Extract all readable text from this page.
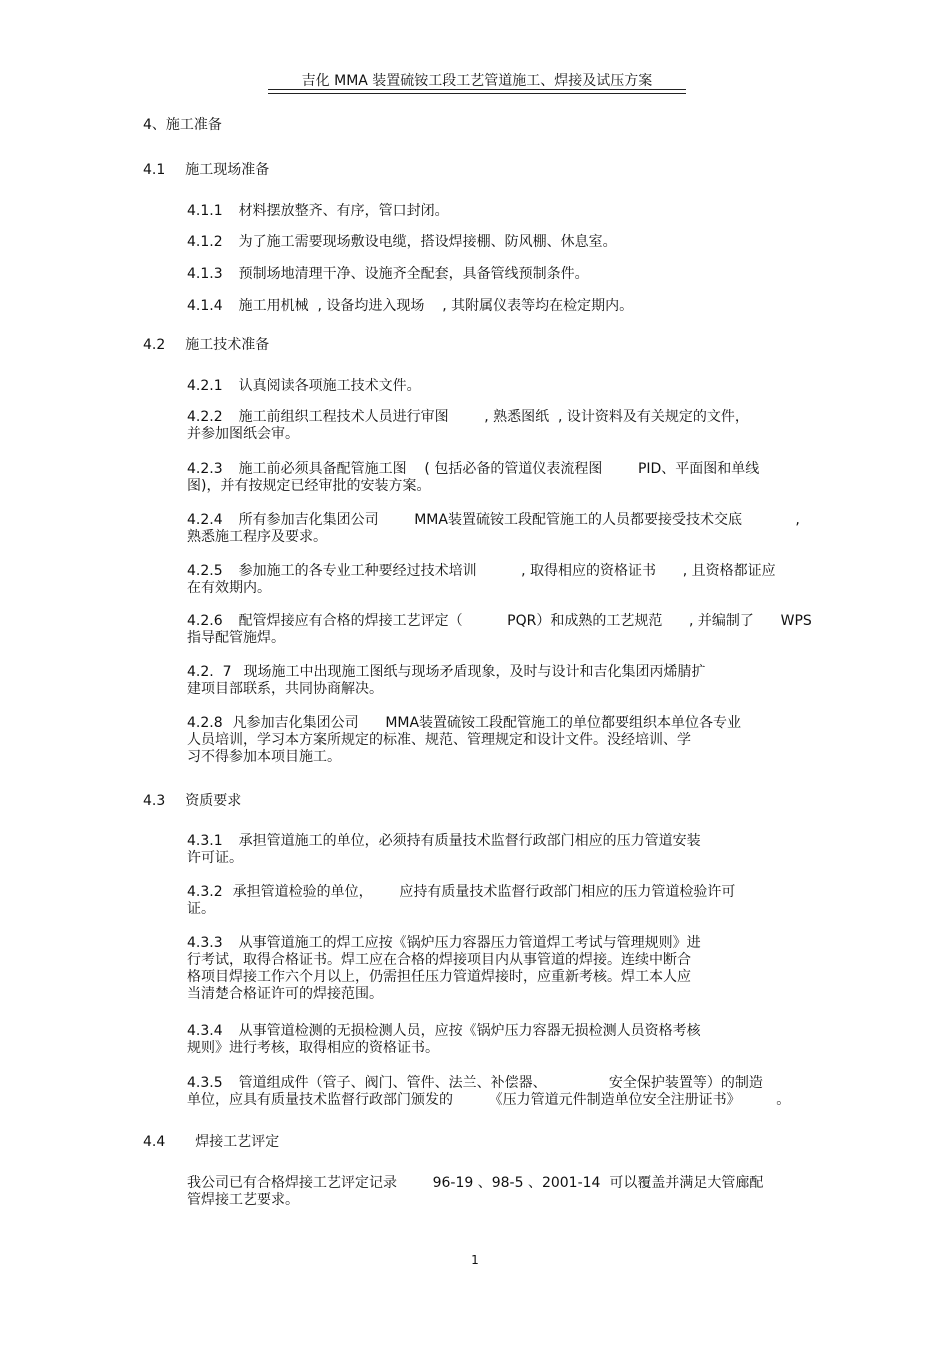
吉化 MMA 装置硫铵工段工艺管道施工、焊接及试压方案
4、施工准备
4.1 施工现场准备
4.1.1 材料摆放整齐、有序，管口封闭。
4.1.2 为了施工需要现场敷设电缆，搭设焊接棚、防风棚、休息室。
4.1.3 预制场地清理干净、设施齐全配套，具备管线预制条件。
4.1.4 施工用机械  , 设备均进入现场    , 其附属仪表等均在检定期内。
4.2 施工技术准备
4.2.1 认真阅读各项施工技术文件。
4.2.2 施工前组织工程技术人员进行审图        , 熟悉图纸  , 设计资料及有关规定的文件，
并参加图纸会审。
4.2.3 施工前必须具备配管施工图    ( 包括必备的管道仪表流程图        PID、平面图和单线
图)，并有按规定已经审批的安装方案。
4.2.4 所有参加吉化集团公司        MMA装置硫铵工段配管施工的人员都要接受技术交底            ,
熟悉施工程序及要求。
4.2.5 参加施工的各专业工种要经过技术培训          , 取得相应的资格证书      , 且资格都证应
在有效期内。
4.2.6 配管焊接应有合格的焊接工艺评定（          PQR）和成熟的工艺规范      , 并编制了      WPS
指导配管施焊。
4.2.  7 现场施工中出现施工图纸与现场矛盾现象，及时与设计和吉化集团丙烯腈扩
建项目部联系，共同协商解决。
4.2.8 凡参加吉化集团公司      MMA装置硫铵工段配管施工的单位都要组织本单位各专业
人员培训，学习本方案所规定的标准、规范、管理规定和设计文件。没经培训、学
习不得参加本项目施工。
4.3 资质要求
4.3.1 承担管道施工的单位，必须持有质量技术监督行政部门相应的压力管道安装
许可证。
4.3.2 承担管道检验的单位，      应持有质量技术监督行政部门相应的压力管道检验许可
证。
4.3.3 从事管道施工的焊工应按《锅炉压力容器压力管道焊工考试与管理规则》进
行考试，取得合格证书。焊工应在合格的焊接项目内从事管道的焊接。连续中断合
格项目焊接工作六个月以上，仍需担任压力管道焊接时，应重新考核。焊工本人应
当清楚合格证许可的焊接范围。
4.3.4 从事管道检测的无损检测人员，应按《锅炉压力容器无损检测人员资格考核
规则》进行考核，取得相应的资格证书。
4.3.5 管道组成件（管子、阀门、管件、法兰、补偿器、              安全保护装置等）的制造
单位，应具有质量技术监督行政部门颁发的        《压力管道元件制造单位安全注册证书》        。
4.4 焊接工艺评定
我公司已有合格焊接工艺评定记录        96-19 、98-5 、2001-14  可以覆盖并满足大管廊配
管焊接工艺要求。
1
